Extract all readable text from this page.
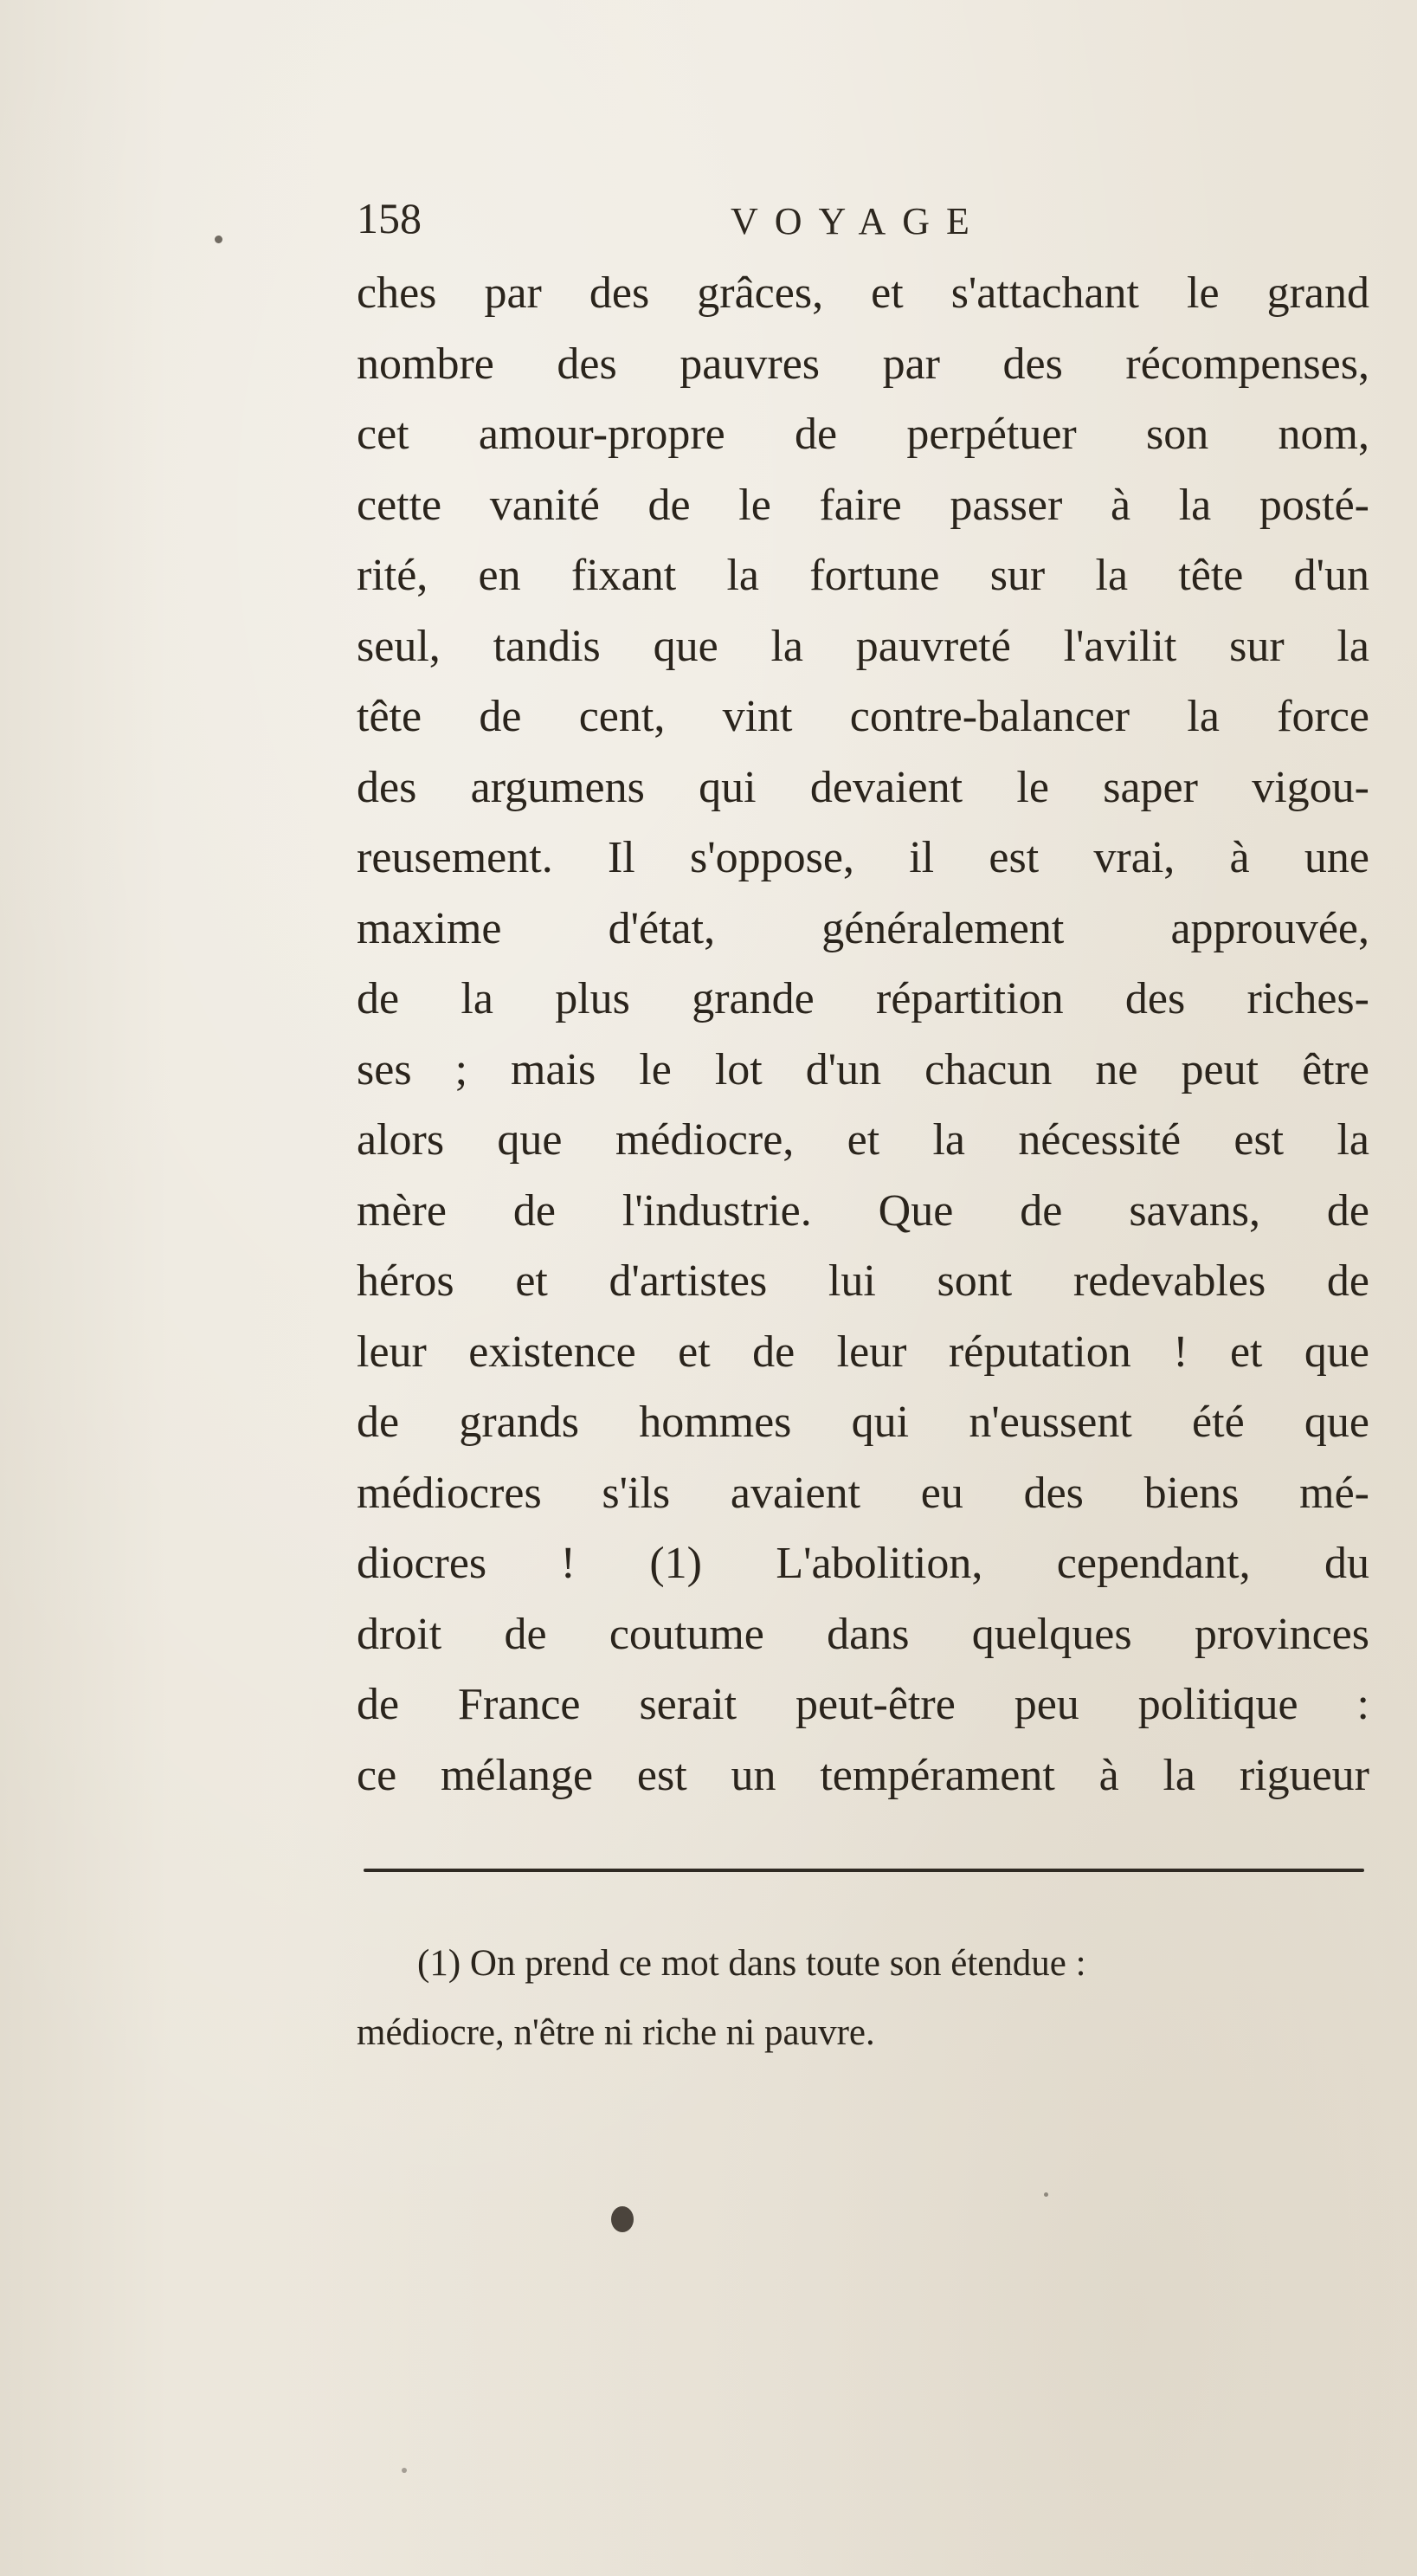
158	VOYAGE
ches par des grâces, et s'attachant le grand
nombre des pauvres par des récompenses,
cet amour-propre de perpétuer son nom,
cette vanité de le faire passer à la posté-
rité, en fixant la fortune sur la tête d'un
seul, tandis que la pauvreté l'avilit sur la
tête de cent, vint contre-balancer la force
des argumens qui devaient le saper vigou-
reusement. Il s'oppose, il est vrai, à une
maxime d'état, généralement approuvée,
de la plus grande répartition des riches-
ses ; mais le lot d'un chacun ne peut être
alors que médiocre, et la nécessité est la
mère de l'industrie. Que de savans, de
héros et d'artistes lui sont redevables de
leur existence et de leur réputation ! et que
de grands hommes qui n'eussent été que
médiocres s'ils avaient eu des biens mé-
diocres ! (1) L'abolition, cependant, du
droit de coutume dans quelques provinces
de France serait peut-être peu politique :
ce mélange est un tempérament à la rigueur
(1) On prend ce mot dans toute son étendue :
médiocre, n'être ni riche ni pauvre.
